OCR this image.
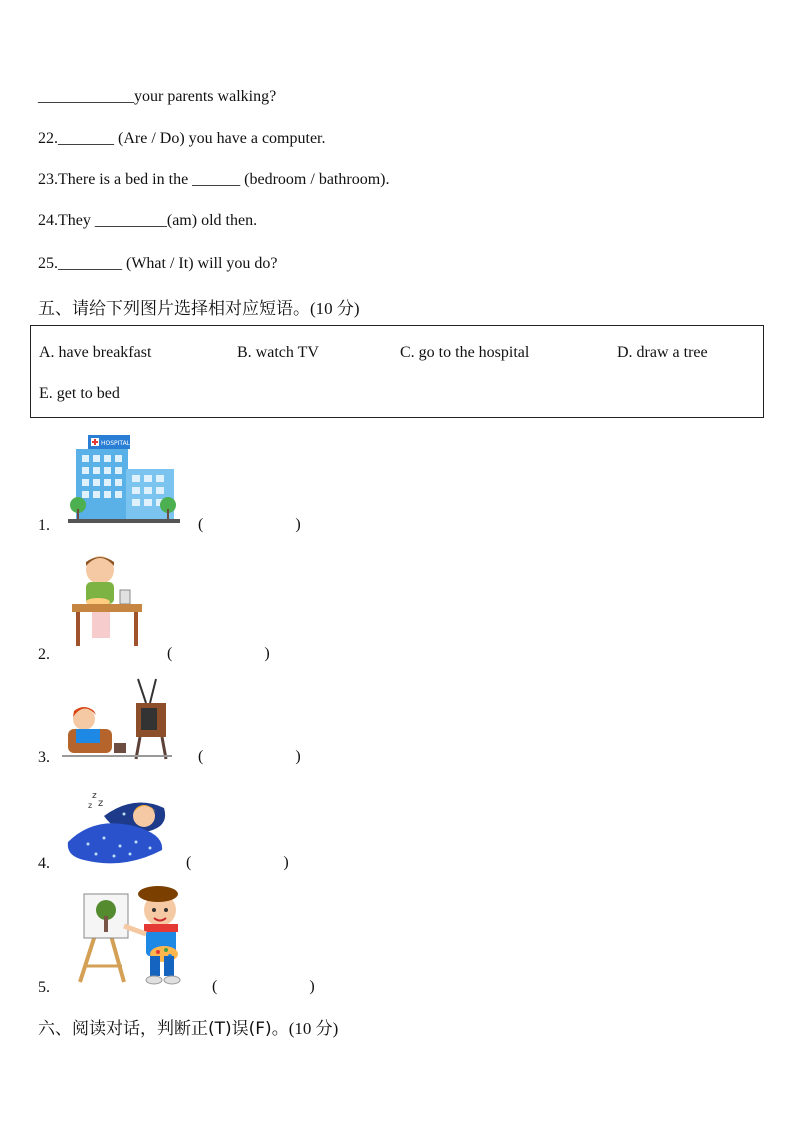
____________your parents walking?
22._______ (Are / Do) you have a computer.
23.There is a bed in the ______ (bedroom / bathroom).
24.They _________(am) old then.
25.________ (What / It) will you do?
五、请给下列图片选择相对应短语。(10 分)
A. have breakfast	B. watch TV	C. go to the hospital	D. draw a tree
E. get to bed
1.
HOSPITAL
(	)
2.	(	)
3.	(	)
4.
z
z
z
(	)
5.	(	)
六、阅读对话，判断正(T)误(F)。(10 分)
